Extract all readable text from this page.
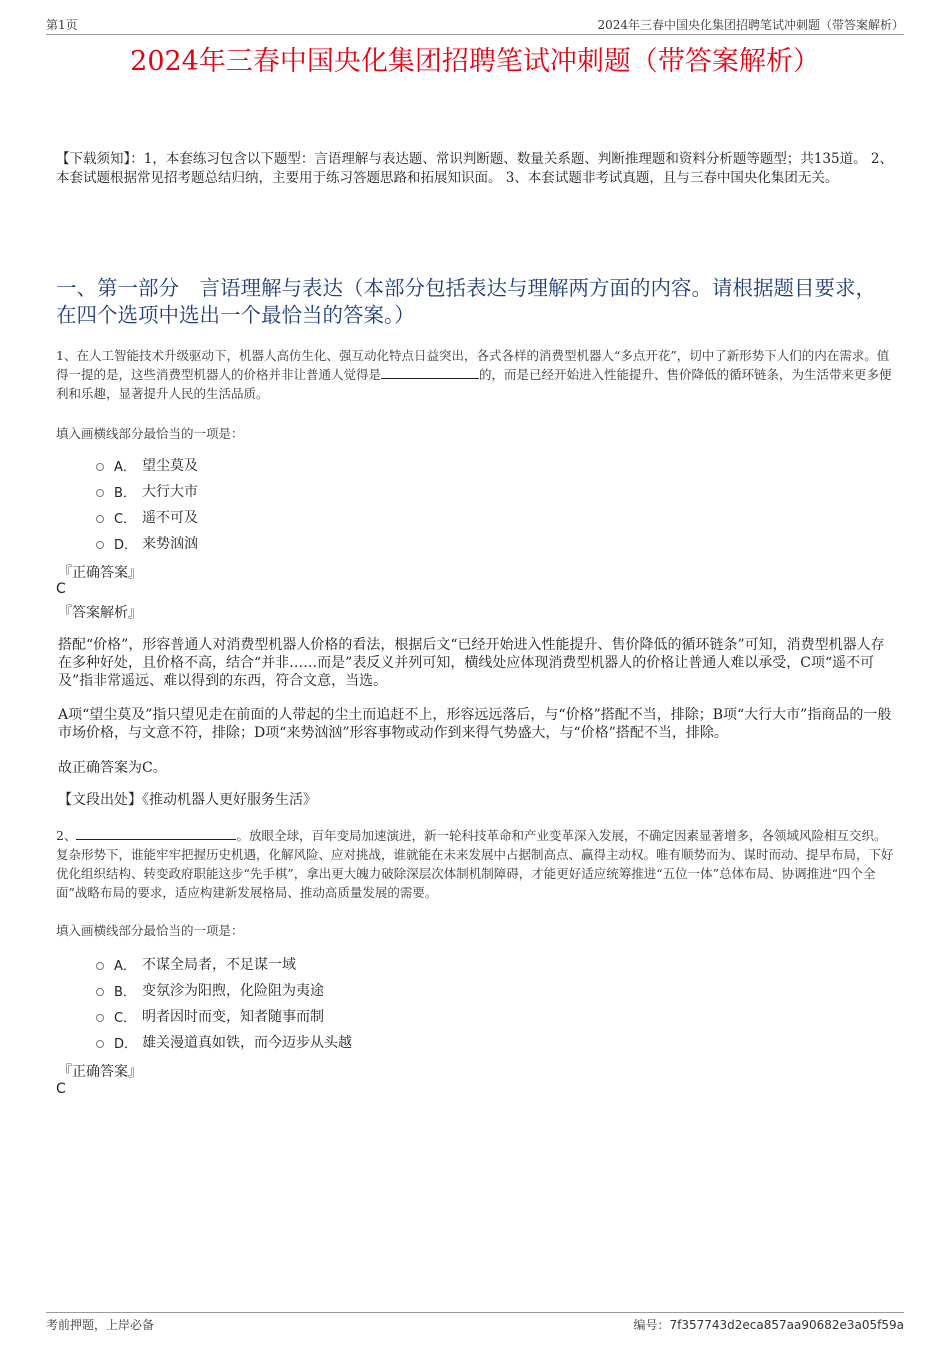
第1页	2024年三春中国央化集团招聘笔试冲刺题（带答案解析）
2024年三春中国央化集团招聘笔试冲刺题（带答案解析）
【下载须知】：1，本套练习包含以下题型：言语理解与表达题、常识判断题、数量关系题、判断推理题和资料分析题等题型；共135道。 2、本套试题根据常见招考题总结归纳，主要用于练习答题思路和拓展知识面。 3、本套试题非考试真题，且与三春中国央化集团无关。
一、第一部分　言语理解与表达（本部分包括表达与理解两方面的内容。请根据题目要求，在四个选项中选出一个最恰当的答案。）
1、在人工智能技术升级驱动下，机器人高仿生化、强互动化特点日益突出，各式各样的消费型机器人“多点开花”，切中了新形势下人们的内在需求。值得一提的是，这些消费型机器人的价格并非让普通人觉得是	的，而是已经开始进入性能提升、售价降低的循环链条，为生活带来更多便利和乐趣，显著提升人民的生活品质。
填入画横线部分最恰当的一项是：
A． 望尘莫及
B． 大行大市
C． 遥不可及
D． 来势汹汹
『正确答案』
C
『答案解析』
搭配“价格”，形容普通人对消费型机器人价格的看法，根据后文“已经开始进入性能提升、售价降低的循环链条”可知，消费型机器人存在多种好处，且价格不高，结合“并非……而是”表反义并列可知，横线处应体现消费型机器人的价格让普通人难以承受，C项“遥不可及”指非常遥远、难以得到的东西，符合文意，当选。
A项“望尘莫及”指只望见走在前面的人带起的尘土而追赶不上，形容远远落后，与“价格”搭配不当，排除；B项“大行大市”指商品的一般市场价格，与文意不符，排除；D项“来势汹汹”形容事物或动作到来得气势盛大，与“价格”搭配不当，排除。
故正确答案为C。
【文段出处】《推动机器人更好服务生活》
2、	。放眼全球，百年变局加速演进，新一轮科技革命和产业变革深入发展，不确定因素显著增多，各领域风险相互交织。复杂形势下，谁能牢牢把握历史机遇，化解风险、应对挑战，谁就能在未来发展中占据制高点、赢得主动权。唯有顺势而为、谋时而动、提早布局，下好优化组织结构、转变政府职能这步“先手棋”，拿出更大魄力破除深层次体制机制障碍，才能更好适应统筹推进“五位一体”总体布局、协调推进“四个全面”战略布局的要求，适应构建新发展格局、推动高质量发展的需要。
填入画横线部分最恰当的一项是：
A． 不谋全局者，不足谋一域
B． 变氛沴为阳煦，化险阻为夷途
C． 明者因时而变，知者随事而制
D． 雄关漫道真如铁，而今迈步从头越
『正确答案』
C
考前押题，上岸必备	编号：7f357743d2eca857aa90682e3a05f59a
